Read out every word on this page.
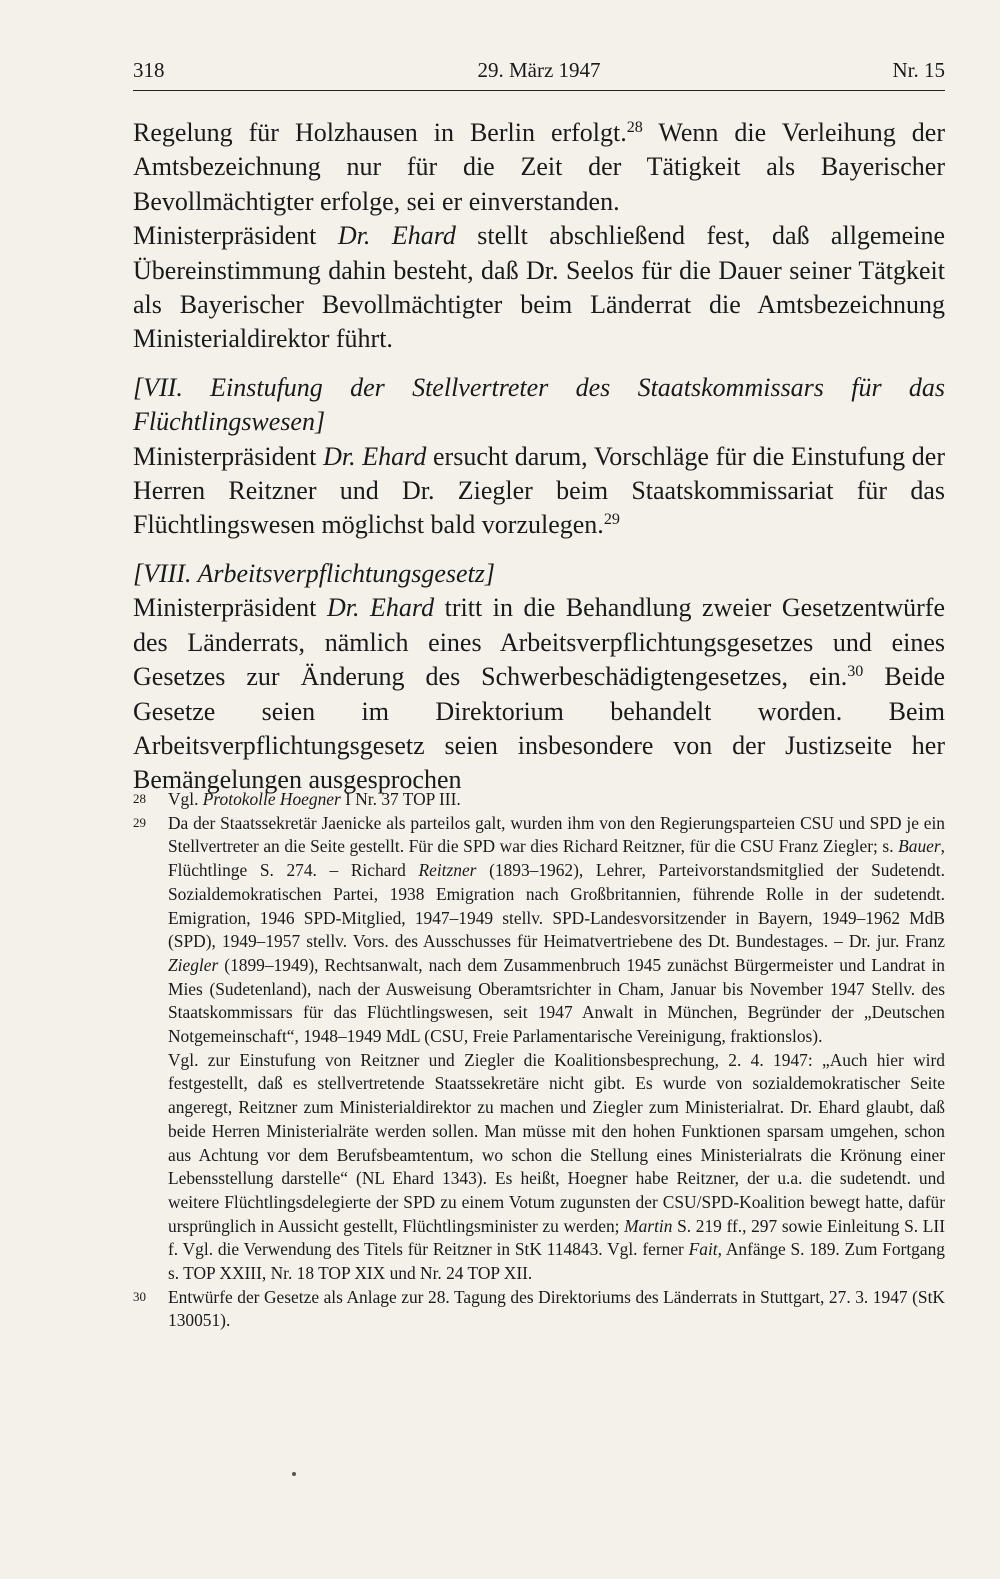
318	29. März 1947	Nr. 15

Regelung für Holzhausen in Berlin erfolgt.$^{28}$ Wenn die Verleihung der Amtsbezeichnung nur für die Zeit der Tätigkeit als Bayerischer Bevollmächtigter erfolge, sei er einverstanden.

Ministerpräsident Dr. Ehard stellt abschließend fest, daß allgemeine Übereinstimmung dahin besteht, daß Dr. Seelos für die Dauer seiner Tätgkeit als Bayerischer Bevollmächtigter beim Länderrat die Amtsbezeichnung Ministerialdirektor führt.

[VII. Einstufung der Stellvertreter des Staatskommissars für das Flüchtlingswesen]

Ministerpräsident Dr. Ehard ersucht darum, Vorschläge für die Einstufung der Herren Reitzner und Dr. Ziegler beim Staatskommissariat für das Flüchtlingswesen möglichst bald vorzulegen.$^{29}$

[VIII. Arbeitsverpflichtungsgesetz]

Ministerpräsident Dr. Ehard tritt in die Behandlung zweier Gesetzentwürfe des Länderrats, nämlich eines Arbeitsverpflichtungsgesetzes und eines Gesetzes zur Änderung des Schwerbeschädigtengesetzes, ein.$^{30}$ Beide Gesetze seien im Direktorium behandelt worden. Beim Arbeitsverpflichtungsgesetz seien insbesondere von der Justizseite her Bemängelungen ausgesprochen

28 Vgl. Protokolle Hoegner I Nr. 37 TOP III.

29 Da der Staatssekretär Jaenicke als parteilos galt, wurden ihm von den Regierungsparteien CSU und SPD je ein Stellvertreter an die Seite gestellt. Für die SPD war dies Richard Reitzner, für die CSU Franz Ziegler; s. Bauer, Flüchtlinge S. 274. – Richard Reitzner (1893–1962), Lehrer, Parteivorstandsmitglied der Sudetendt. Sozialdemokratischen Partei, 1938 Emigration nach Großbritannien, führende Rolle in der sudetendt. Emigration, 1946 SPD-Mitglied, 1947–1949 stellv. SPD-Landesvorsitzender in Bayern, 1949–1962 MdB (SPD), 1949–1957 stellv. Vors. des Ausschusses für Heimatvertriebene des Dt. Bundestages. – Dr. jur. Franz Ziegler (1899–1949), Rechtsanwalt, nach dem Zusammenbruch 1945 zunächst Bürgermeister und Landrat in Mies (Sudetenland), nach der Ausweisung Oberamtsrichter in Cham, Januar bis November 1947 Stellv. des Staatskommissars für das Flüchtlingswesen, seit 1947 Anwalt in München, Begründer der „Deutschen Notgemeinschaft“, 1948–1949 MdL (CSU, Freie Parlamentarische Vereinigung, fraktionslos).

Vgl. zur Einstufung von Reitzner und Ziegler die Koalitionsbesprechung, 2. 4. 1947: „Auch hier wird festgestellt, daß es stellvertretende Staatssekretäre nicht gibt. Es wurde von sozialdemokratischer Seite angeregt, Reitzner zum Ministerialdirektor zu machen und Ziegler zum Ministerialrat. Dr. Ehard glaubt, daß beide Herren Ministerialräte werden sollen. Man müsse mit den hohen Funktionen sparsam umgehen, schon aus Achtung vor dem Berufsbeamtentum, wo schon die Stellung eines Ministerialrats die Krönung einer Lebensstellung darstelle“ (NL Ehard 1343). Es heißt, Hoegner habe Reitzner, der u.a. die sudetendt. und weitere Flüchtlingsdelegierte der SPD zu einem Votum zugunsten der CSU/SPD-Koalition bewegt hatte, dafür ursprünglich in Aussicht gestellt, Flüchtlingsminister zu werden; Martin S. 219 ff., 297 sowie Einleitung S. LII f. Vgl. die Verwendung des Titels für Reitzner in StK 114843. Vgl. ferner Fait, Anfänge S. 189. Zum Fortgang s. TOP XXIII, Nr. 18 TOP XIX und Nr. 24 TOP XII.

30 Entwürfe der Gesetze als Anlage zur 28. Tagung des Direktoriums des Länderrats in Stuttgart, 27. 3. 1947 (StK 130051).
